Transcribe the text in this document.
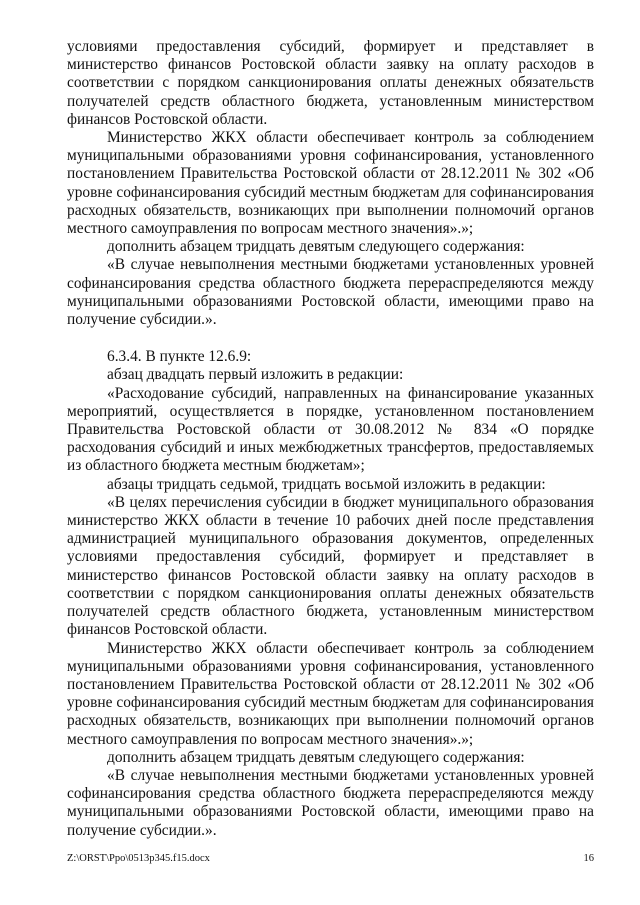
условиями предоставления субсидий, формирует и представляет в министерство финансов Ростовской области заявку на оплату расходов в соответствии с порядком санкционирования оплаты денежных обязательств получателей средств областного бюджета, установленным министерством финансов Ростовской области.

Министерство ЖКХ области обеспечивает контроль за соблюдением муниципальными образованиями уровня софинансирования, установленного постановлением Правительства Ростовской области от 28.12.2011 № 302 «Об уровне софинансирования субсидий местным бюджетам для софинансирования расходных обязательств, возникающих при выполнении полномочий органов местного самоуправления по вопросам местного значения».»;

дополнить абзацем тридцать девятым следующего содержания:

«В случае невыполнения местными бюджетами установленных уровней софинансирования средства областного бюджета перераспределяются между муниципальными образованиями Ростовской области, имеющими право на получение субсидии.».

6.3.4. В пункте 12.6.9:

абзац двадцать первый изложить в редакции:

«Расходование субсидий, направленных на финансирование указанных мероприятий, осуществляется в порядке, установленном постановлением Правительства Ростовской области от 30.08.2012 № 834 «О порядке расходования субсидий и иных межбюджетных трансфертов, предоставляемых из областного бюджета местным бюджетам»;

абзацы тридцать седьмой, тридцать восьмой изложить в редакции:

«В целях перечисления субсидии в бюджет муниципального образования министерство ЖКХ области в течение 10 рабочих дней после представления администрацией муниципального образования документов, определенных условиями предоставления субсидий, формирует и представляет в министерство финансов Ростовской области заявку на оплату расходов в соответствии с порядком санкционирования оплаты денежных обязательств получателей средств областного бюджета, установленным министерством финансов Ростовской области.

Министерство ЖКХ области обеспечивает контроль за соблюдением муниципальными образованиями уровня софинансирования, установленного постановлением Правительства Ростовской области от 28.12.2011 № 302 «Об уровне софинансирования субсидий местным бюджетам для софинансирования расходных обязательств, возникающих при выполнении полномочий органов местного самоуправления по вопросам местного значения».»;

дополнить абзацем тридцать девятым следующего содержания:

«В случае невыполнения местными бюджетами установленных уровней софинансирования средства областного бюджета перераспределяются между муниципальными образованиями Ростовской области, имеющими право на получение субсидии.».

Z:\ORST\Ppo\0513p345.f15.docx	16
